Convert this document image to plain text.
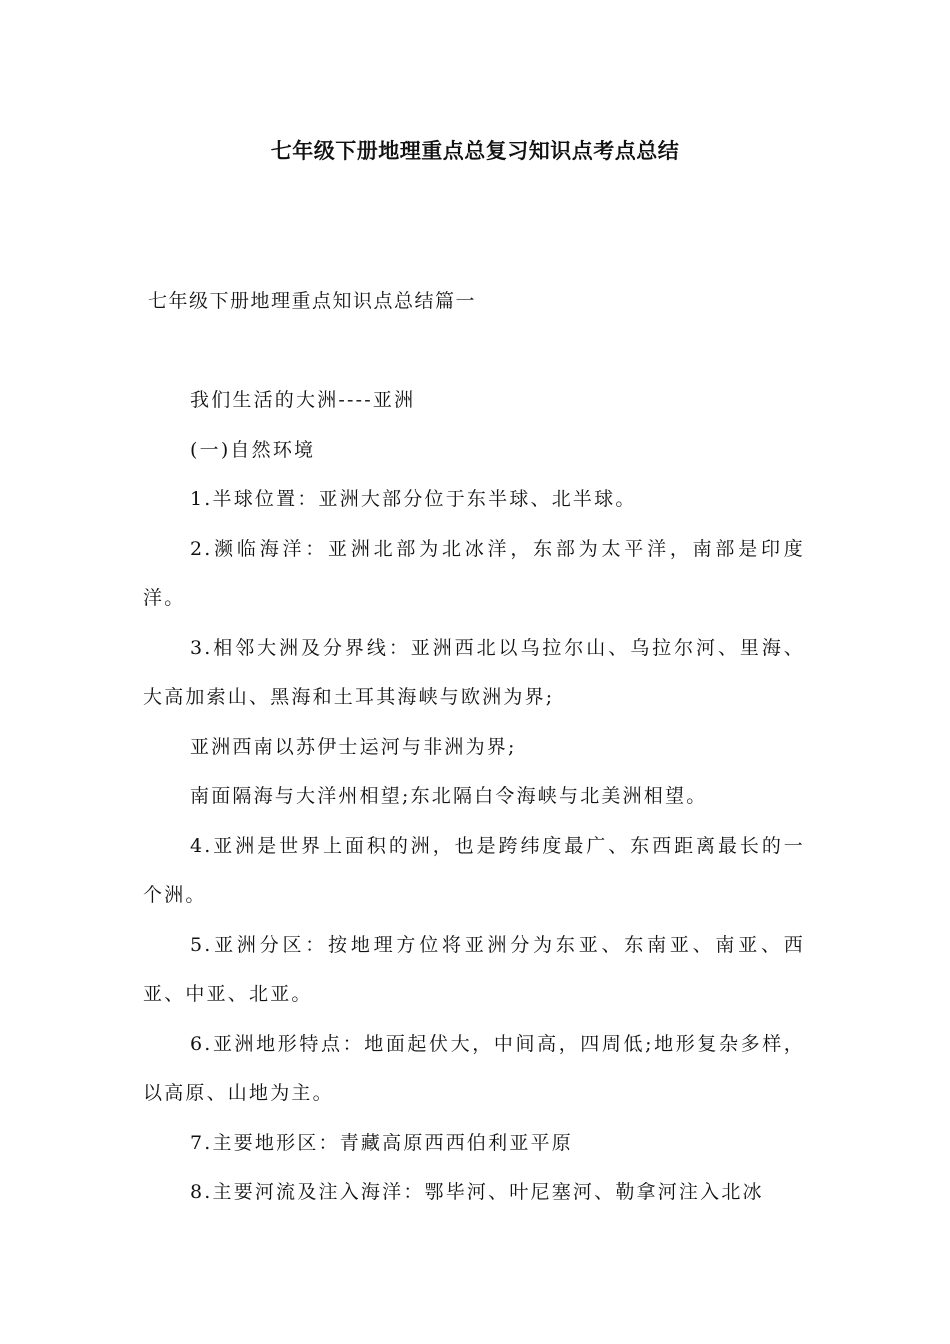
七年级下册地理重点总复习知识点考点总结
七年级下册地理重点知识点总结篇一

我们生活的大洲----亚洲

(一)自然环境

1.半球位置：亚洲大部分位于东半球、北半球。

2.濒临海洋：亚洲北部为北冰洋，东部为太平洋，南部是印度洋。

3.相邻大洲及分界线：亚洲西北以乌拉尔山、乌拉尔河、里海、大高加索山、黑海和土耳其海峡与欧洲为界;

亚洲西南以苏伊士运河与非洲为界;

南面隔海与大洋州相望;东北隔白令海峡与北美洲相望。

4.亚洲是世界上面积的洲，也是跨纬度最广、东西距离最长的一个洲。

5.亚洲分区：按地理方位将亚洲分为东亚、东南亚、南亚、西亚、中亚、北亚。

6.亚洲地形特点：地面起伏大，中间高，四周低;地形复杂多样，以高原、山地为主。

7.主要地形区：青藏高原西西伯利亚平原

8.主要河流及注入海洋：鄂毕河、叶尼塞河、勒拿河注入北冰
